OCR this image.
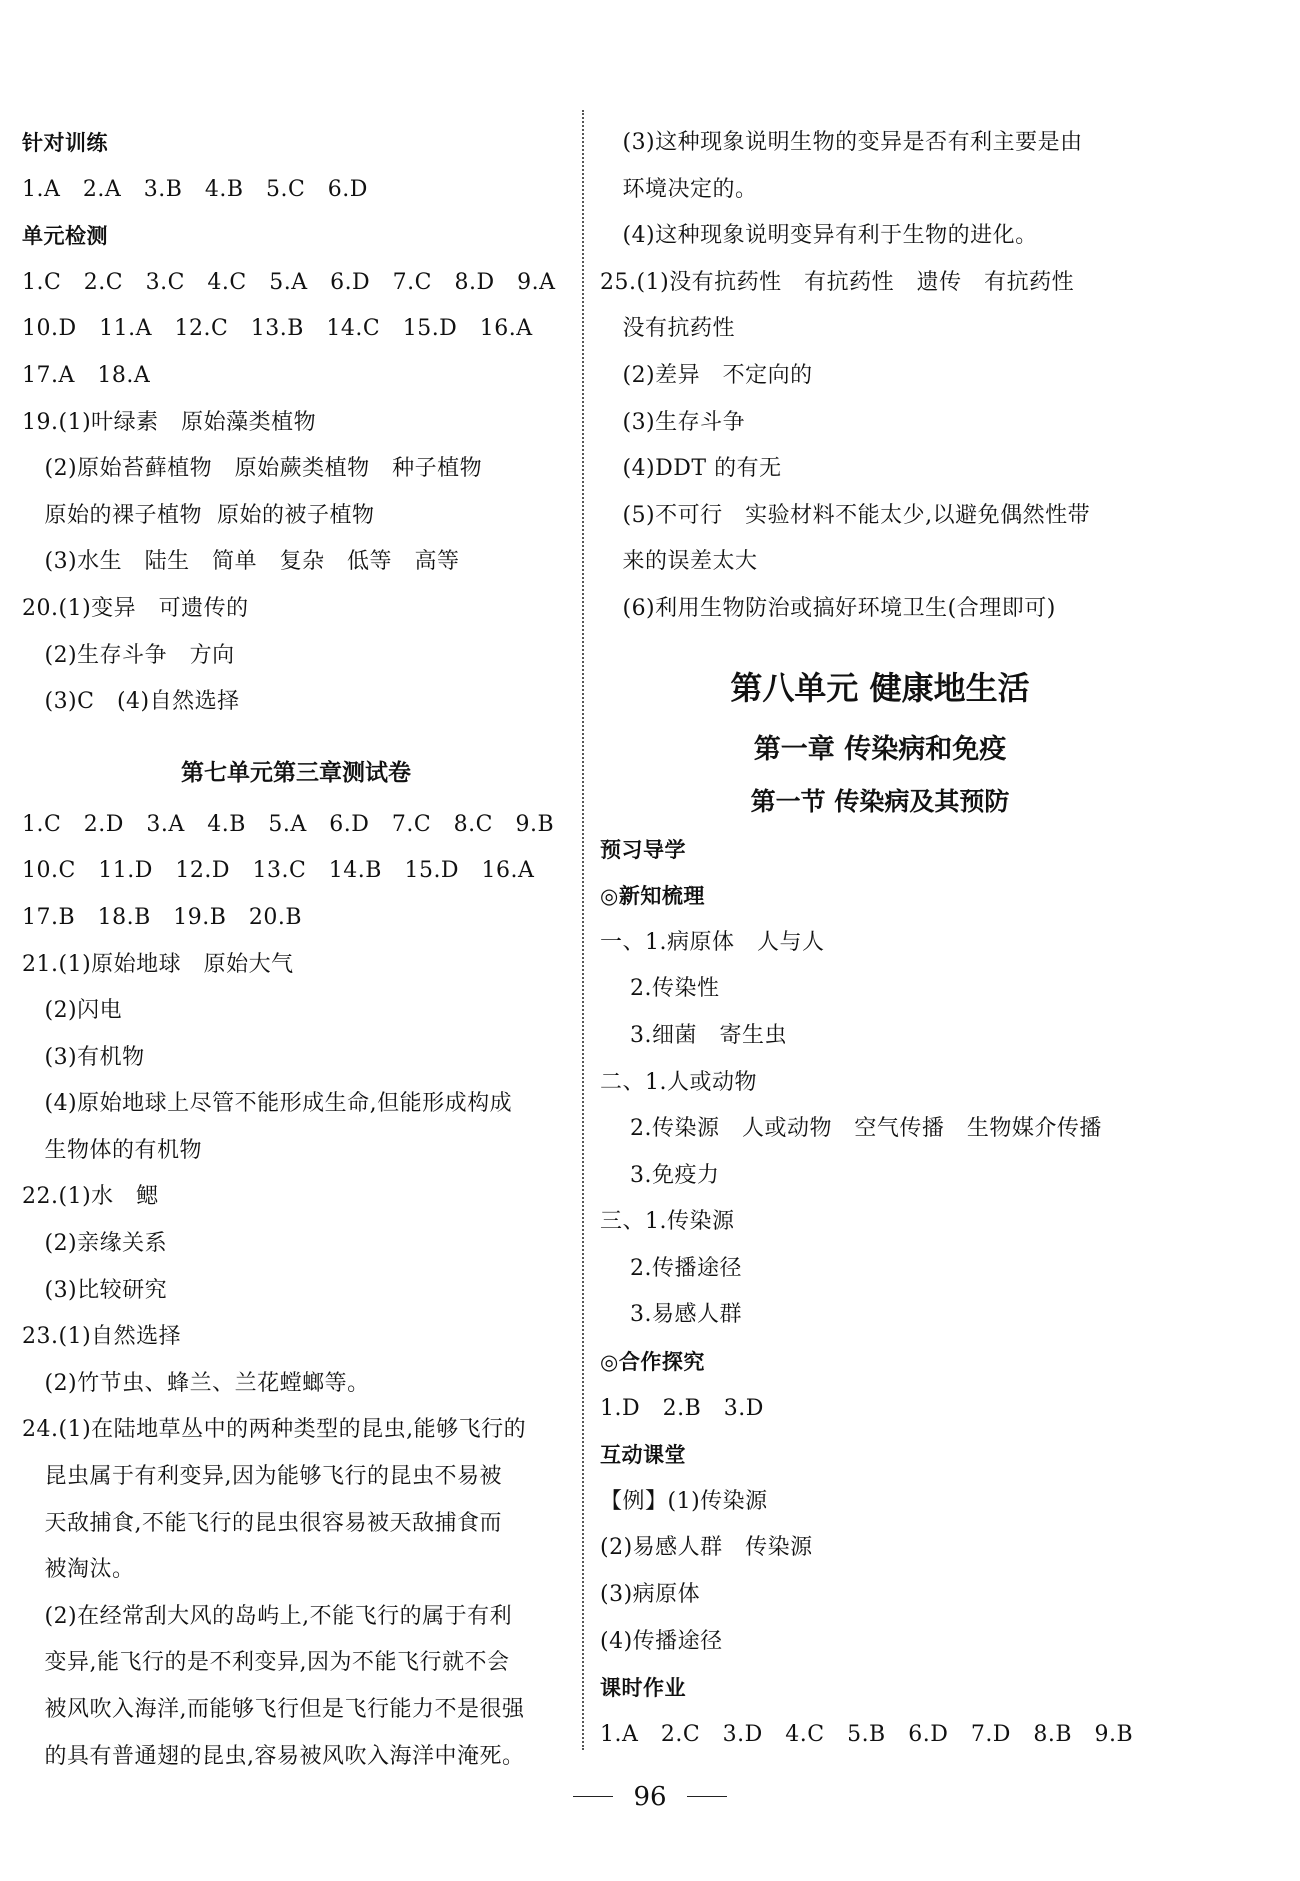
针对训练
1.A   2.A   3.B   4.B   5.C   6.D
单元检测
1.C   2.C   3.C   4.C   5.A   6.D   7.C   8.D   9.A
10.D   11.A   12.C   13.B   14.C   15.D   16.A
17.A   18.A
19.(1)叶绿素   原始藻类植物
(2)原始苔藓植物   原始蕨类植物   种子植物
原始的裸子植物  原始的被子植物
(3)水生   陆生   简单   复杂   低等   高等
20.(1)变异   可遗传的
(2)生存斗争   方向
(3)C   (4)自然选择
第七单元第三章测试卷
1.C   2.D   3.A   4.B   5.A   6.D   7.C   8.C   9.B
10.C   11.D   12.D   13.C   14.B   15.D   16.A
17.B   18.B   19.B   20.B
21.(1)原始地球   原始大气
(2)闪电
(3)有机物
(4)原始地球上尽管不能形成生命,但能形成构成
生物体的有机物
22.(1)水   鳃
(2)亲缘关系
(3)比较研究
23.(1)自然选择
(2)竹节虫、蜂兰、兰花螳螂等。
24.(1)在陆地草丛中的两种类型的昆虫,能够飞行的
昆虫属于有利变异,因为能够飞行的昆虫不易被
天敌捕食,不能飞行的昆虫很容易被天敌捕食而
被淘汰。
(2)在经常刮大风的岛屿上,不能飞行的属于有利
变异,能飞行的是不利变异,因为不能飞行就不会
被风吹入海洋,而能够飞行但是飞行能力不是很强
的具有普通翅的昆虫,容易被风吹入海洋中淹死。
(3)这种现象说明生物的变异是否有利主要是由
环境决定的。
(4)这种现象说明变异有利于生物的进化。
25.(1)没有抗药性   有抗药性   遗传   有抗药性
没有抗药性
(2)差异   不定向的
(3)生存斗争
(4)DDT 的有无
(5)不可行   实验材料不能太少,以避免偶然性带
来的误差太大
(6)利用生物防治或搞好环境卫生(合理即可)
第八单元 健康地生活
第一章 传染病和免疫
第一节 传染病及其预防
预习导学
◎新知梳理
一、1.病原体   人与人
2.传染性
3.细菌   寄生虫
二、1.人或动物
2.传染源   人或动物   空气传播   生物媒介传播
3.免疫力
三、1.传染源
2.传播途径
3.易感人群
◎合作探究
1.D   2.B   3.D
互动课堂
【例】(1)传染源
(2)易感人群   传染源
(3)病原体
(4)传播途径
课时作业
1.A   2.C   3.D   4.C   5.B   6.D   7.D   8.B   9.B
96
